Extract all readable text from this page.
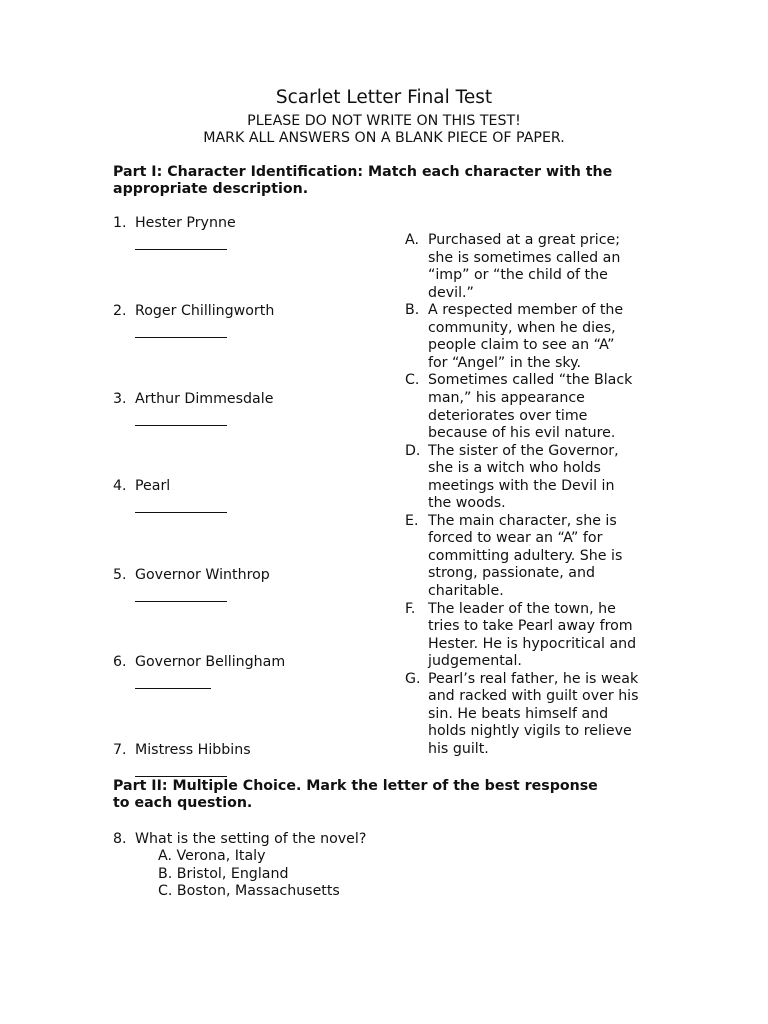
Scarlet Letter Final Test
PLEASE DO NOT WRITE ON THIS TEST!
MARK ALL ANSWERS ON A BLANK PIECE OF PAPER.
Part I: Character Identification: Match each character with the
appropriate description.
1. Hester Prynne
2. Roger Chillingworth
3. Arthur Dimmesdale
4. Pearl
5. Governor Winthrop
6. Governor Bellingham
7. Mistress Hibbins
A. Purchased at a great price;
she is sometimes called an
“imp” or “the child of the
devil.”
B. A respected member of the
community, when he dies,
people claim to see an “A”
for “Angel” in the sky.
C. Sometimes called “the Black
man,” his appearance
deteriorates over time
because of his evil nature.
D. The sister of the Governor,
she is a witch who holds
meetings with the Devil in
the woods.
E. The main character, she is
forced to wear an “A” for
committing adultery. She is
strong, passionate, and
charitable.
F. The leader of the town, he
tries to take Pearl away from
Hester. He is hypocritical and
judgemental.
G. Pearl’s real father, he is weak
and racked with guilt over his
sin. He beats himself and
holds nightly vigils to relieve
his guilt.
Part II: Multiple Choice. Mark the letter of the best response
to each question.
8. What is the setting of the novel?
A. Verona, Italy
B. Bristol, England
C. Boston, Massachusetts
